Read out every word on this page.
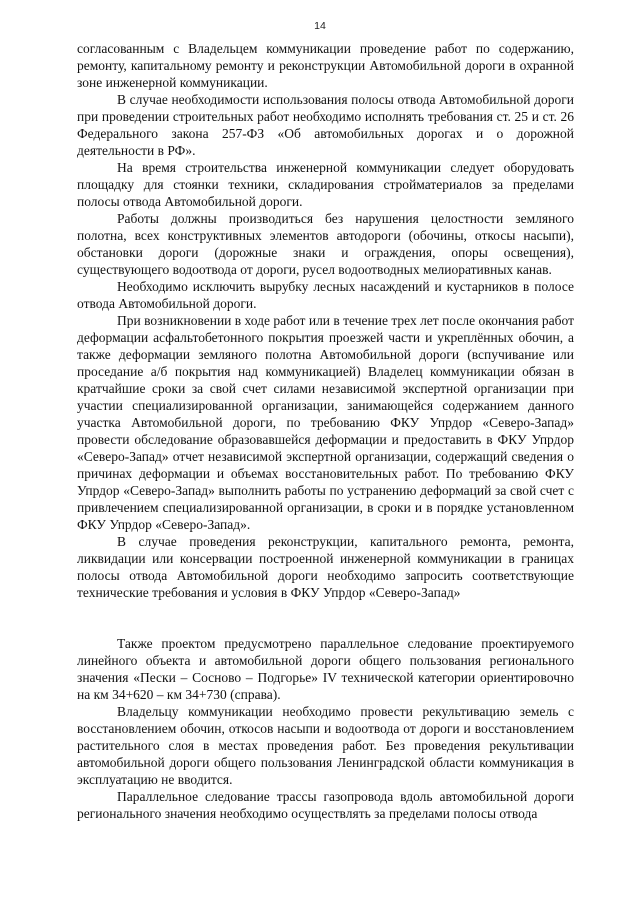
14

согласованным с Владельцем коммуникации проведение работ по содержанию, ремонту, капитальному ремонту и реконструкции Автомобильной дороги в охранной зоне инженерной коммуникации.

В случае необходимости использования полосы отвода Автомобильной дороги при проведении строительных работ необходимо исполнять требования ст. 25 и ст. 26 Федерального закона 257-ФЗ «Об автомобильных дорогах и о дорожной деятельности в РФ».

На время строительства инженерной коммуникации следует оборудовать площадку для стоянки техники, складирования стройматериалов за пределами полосы отвода Автомобильной дороги.

Работы должны производиться без нарушения целостности земляного полотна, всех конструктивных элементов автодороги (обочины, откосы насыпи), обстановки дороги (дорожные знаки и ограждения, опоры освещения), существующего водоотвода от дороги, русел водоотводных мелиоративных канав.

Необходимо исключить вырубку лесных насаждений и кустарников в полосе отвода Автомобильной дороги.

При возникновении в ходе работ или в течение трех лет после окончания работ деформации асфальтобетонного покрытия проезжей части и укреплённых обочин, а также деформации земляного полотна Автомобильной дороги (вспучивание или проседание а/б покрытия над коммуникацией) Владелец коммуникации обязан в кратчайшие сроки за свой счет силами независимой экспертной организации при участии специализированной организации, занимающейся содержанием данного участка Автомобильной дороги, по требованию ФКУ Упрдор «Северо-Запад» провести обследование образовавшейся деформации и предоставить в ФКУ Упрдор «Северо-Запад» отчет независимой экспертной организации, содержащий сведения о причинах деформации и объемах восстановительных работ. По требованию ФКУ Упрдор «Северо-Запад» выполнить работы по устранению деформаций за свой счет с привлечением специализированной организации, в сроки и в порядке установленном ФКУ Упрдор «Северо-Запад».

В случае проведения реконструкции, капитального ремонта, ремонта, ликвидации или консервации построенной инженерной коммуникации в границах полосы отвода Автомобильной дороги необходимо запросить соответствующие технические требования и условия в ФКУ Упрдор «Северо-Запад»

Также проектом предусмотрено параллельное следование проектируемого линейного объекта и автомобильной дороги общего пользования регионального значения «Пески – Сосново – Подгорье» IV технической категории ориентировочно на км 34+620 – км 34+730 (справа).

Владельцу коммуникации необходимо провести рекультивацию земель с восстановлением обочин, откосов насыпи и водоотвода от дороги и восстановлением растительного слоя в местах проведения работ. Без проведения рекультивации автомобильной дороги общего пользования Ленинградской области коммуникация в эксплуатацию не вводится.

Параллельное следование трассы газопровода вдоль автомобильной дороги регионального значения необходимо осуществлять за пределами полосы отвода
